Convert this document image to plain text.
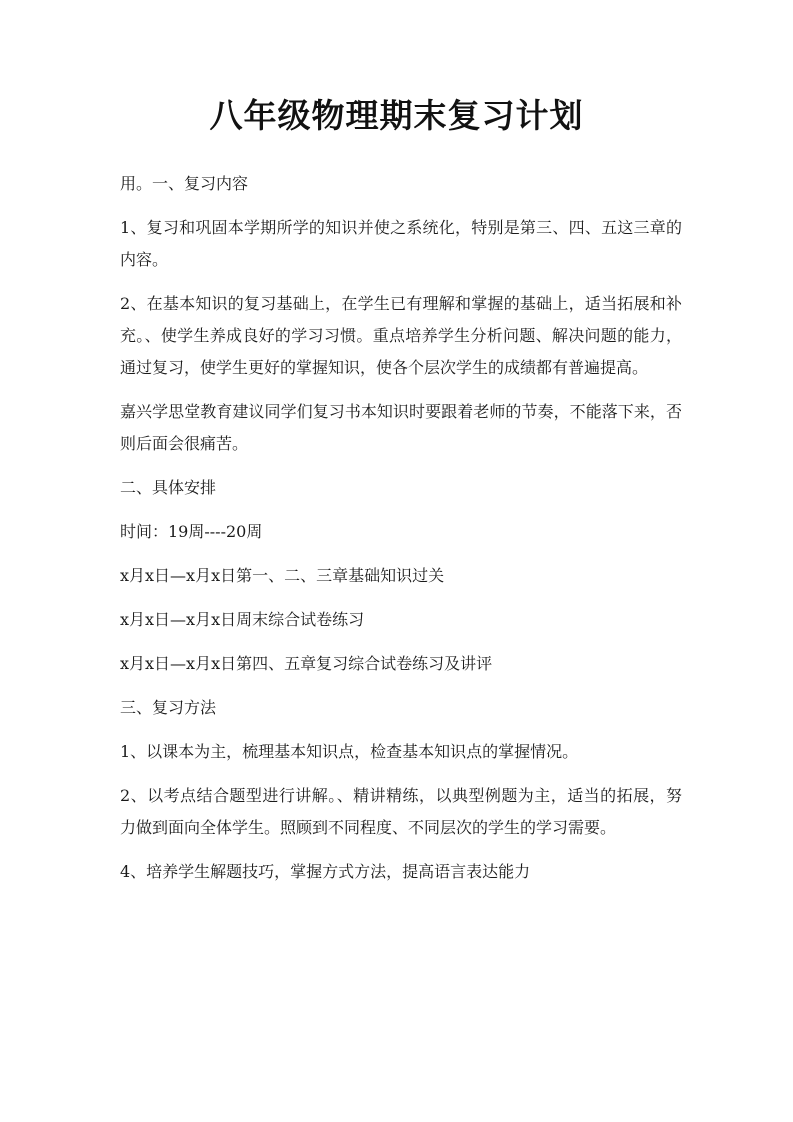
八年级物理期末复习计划

用。一、复习内容

1、复习和巩固本学期所学的知识并使之系统化，特别是第三、四、五这三章的内容。

2、在基本知识的复习基础上，在学生已有理解和掌握的基础上，适当拓展和补充。、使学生养成良好的学习习惯。重点培养学生分析问题、解决问题的能力，通过复习，使学生更好的掌握知识，使各个层次学生的成绩都有普遍提高。

嘉兴学思堂教育建议同学们复习书本知识时要跟着老师的节奏，不能落下来，否则后面会很痛苦。

二、具体安排

时间：19周----20周

x月x日—x月x日第一、二、三章基础知识过关

x月x日—x月x日周末综合试卷练习

x月x日—x月x日第四、五章复习综合试卷练习及讲评

三、复习方法

1、以课本为主，梳理基本知识点，检查基本知识点的掌握情况。

2、以考点结合题型进行讲解。、精讲精练，以典型例题为主，适当的拓展，努力做到面向全体学生。照顾到不同程度、不同层次的学生的学习需要。

4、培养学生解题技巧，掌握方式方法，提高语言表达能力
